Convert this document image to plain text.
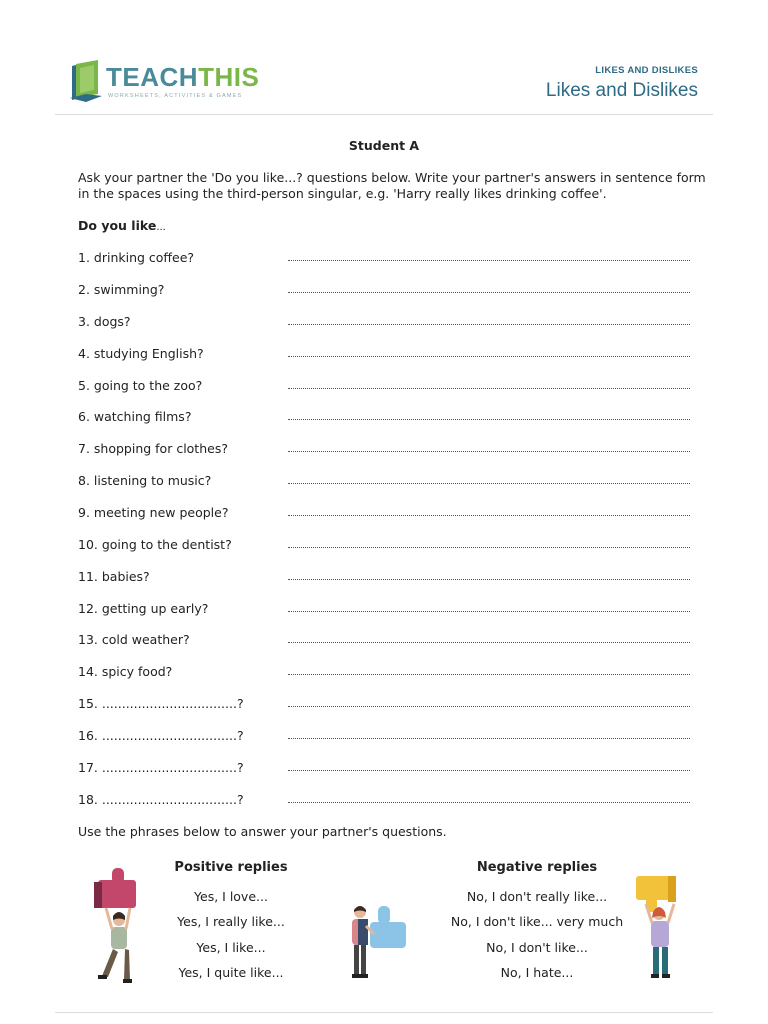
TEACHTHIS
WORKSHEETS, ACTIVITIES & GAMES
LIKES AND DISLIKES
Likes and Dislikes
Student A
Ask your partner the 'Do you like...? questions below. Write your partner's answers in sentence form in the spaces using the third-person singular, e.g. 'Harry really likes drinking coffee'.
Do you like...
1. drinking coffee?
2. swimming?
3. dogs?
4. studying English?
5. going to the zoo?
6. watching films?
7. shopping for clothes?
8. listening to music?
9. meeting new people?
10. going to the dentist?
11. babies?
12. getting up early?
13. cold weather?
14. spicy food?
15. ..................................?
16. ..................................?
17. ..................................?
18. ..................................?
Use the phrases below to answer your partner's questions.
Positive replies
Yes, I love...
Yes, I really like...
Yes, I like...
Yes, I quite like...
Negative replies
No, I don't really like...
No, I don't like... very much
No, I don't like...
No, I hate...
